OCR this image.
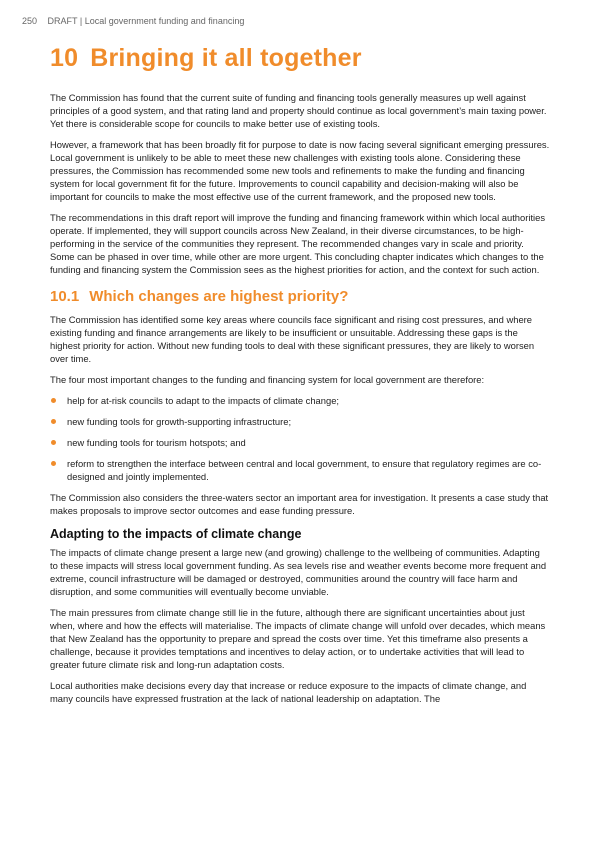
250 DRAFT | Local government funding and financing
10 Bringing it all together

The Commission has found that the current suite of funding and financing tools generally measures up well against principles of a good system, and that rating land and property should continue as local government’s main taxing power. Yet there is considerable scope for councils to make better use of existing tools.

However, a framework that has been broadly fit for purpose to date is now facing several significant emerging pressures. Local government is unlikely to be able to meet these new challenges with existing tools alone. Considering these pressures, the Commission has recommended some new tools and refinements to make the funding and financing system for local government fit for the future. Improvements to council capability and decision-making will also be important for councils to make the most effective use of the current framework, and the proposed new tools.

The recommendations in this draft report will improve the funding and financing framework within which local authorities operate. If implemented, they will support councils across New Zealand, in their diverse circumstances, to be high-performing in the service of the communities they represent. The recommended changes vary in scale and priority. Some can be phased in over time, while other are more urgent. This concluding chapter indicates which changes to the funding and financing system the Commission sees as the highest priorities for action, and the context for such action.

10.1 Which changes are highest priority?

The Commission has identified some key areas where councils face significant and rising cost pressures, and where existing funding and finance arrangements are likely to be insufficient or unsuitable. Addressing these gaps is the highest priority for action. Without new funding tools to deal with these significant pressures, they are likely to worsen over time.

The four most important changes to the funding and financing system for local government are therefore:

help for at-risk councils to adapt to the impacts of climate change;
new funding tools for growth-supporting infrastructure;
new funding tools for tourism hotspots; and
reform to strengthen the interface between central and local government, to ensure that regulatory regimes are co-designed and jointly implemented.

The Commission also considers the three-waters sector an important area for investigation. It presents a case study that makes proposals to improve sector outcomes and ease funding pressure.

Adapting to the impacts of climate change

The impacts of climate change present a large new (and growing) challenge to the wellbeing of communities. Adapting to these impacts will stress local government funding. As sea levels rise and weather events become more frequent and extreme, council infrastructure will be damaged or destroyed, communities around the country will face harm and disruption, and some communities will eventually become unviable.

The main pressures from climate change still lie in the future, although there are significant uncertainties about just when, where and how the effects will materialise. The impacts of climate change will unfold over decades, which means that New Zealand has the opportunity to prepare and spread the costs over time. Yet this timeframe also presents a challenge, because it provides temptations and incentives to delay action, or to undertake activities that will lead to greater future climate risk and long-run adaptation costs.

Local authorities make decisions every day that increase or reduce exposure to the impacts of climate change, and many councils have expressed frustration at the lack of national leadership on adaptation. The
